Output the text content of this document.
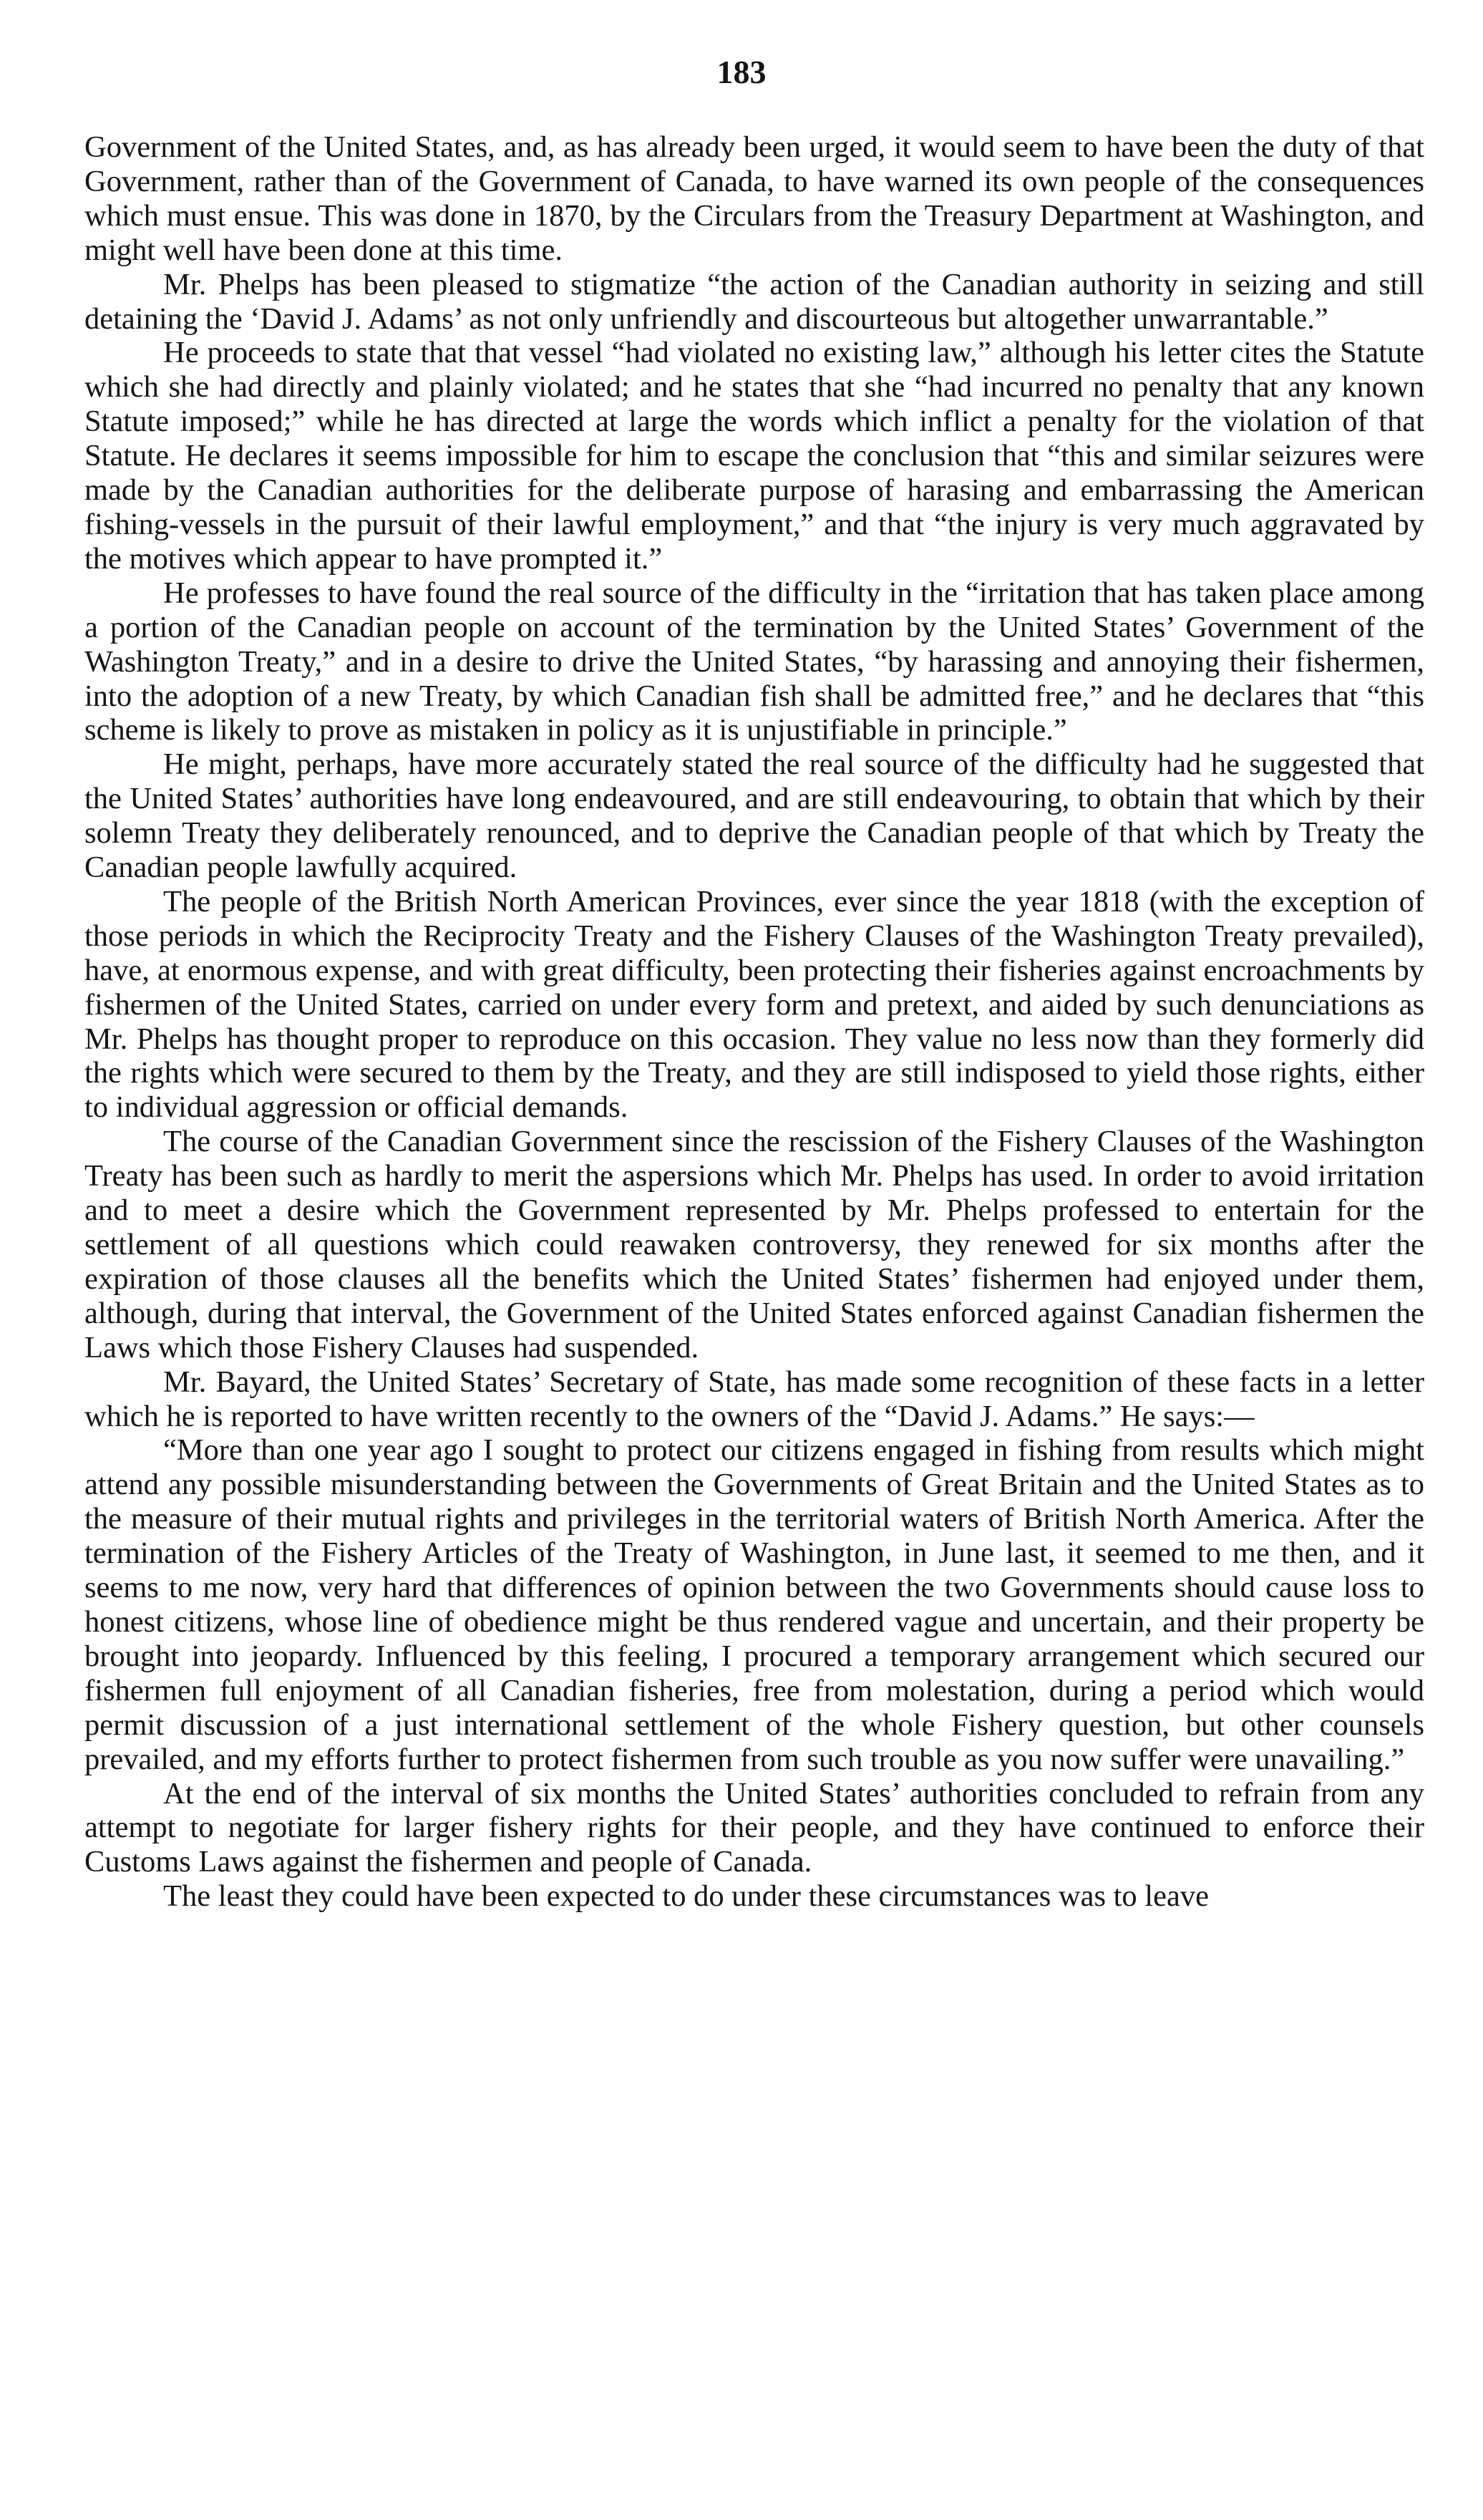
183

Government of the United States, and, as has already been urged, it would seem to have been the duty of that Government, rather than of the Government of Canada, to have warned its own people of the consequences which must ensue. This was done in 1870, by the Circulars from the Treasury Department at Washington, and might well have been done at this time.

Mr. Phelps has been pleased to stigmatize “the action of the Canadian authority in seizing and still detaining the ‘David J. Adams’ as not only unfriendly and discourteous but altogether unwarrantable.”

He proceeds to state that that vessel “had violated no existing law,” although his letter cites the Statute which she had directly and plainly violated; and he states that she “had incurred no penalty that any known Statute imposed;” while he has directed at large the words which inflict a penalty for the violation of that Statute. He declares it seems impossible for him to escape the conclusion that “this and similar seizures were made by the Canadian authorities for the deliberate purpose of harasing and embarrassing the American fishing-vessels in the pursuit of their lawful employment,” and that “the injury is very much aggravated by the motives which appear to have prompted it.”

He professes to have found the real source of the difficulty in the “irritation that has taken place among a portion of the Canadian people on account of the termination by the United States’ Government of the Washington Treaty,” and in a desire to drive the United States, “by harassing and annoying their fishermen, into the adoption of a new Treaty, by which Canadian fish shall be admitted free,” and he declares that “this scheme is likely to prove as mistaken in policy as it is unjustifiable in principle.”

He might, perhaps, have more accurately stated the real source of the difficulty had he suggested that the United States’ authorities have long endeavoured, and are still endeavouring, to obtain that which by their solemn Treaty they deliberately renounced, and to deprive the Canadian people of that which by Treaty the Canadian people lawfully acquired.

The people of the British North American Provinces, ever since the year 1818 (with the exception of those periods in which the Reciprocity Treaty and the Fishery Clauses of the Washington Treaty prevailed), have, at enormous expense, and with great difficulty, been protecting their fisheries against encroachments by fishermen of the United States, carried on under every form and pretext, and aided by such denunciations as Mr. Phelps has thought proper to reproduce on this occasion. They value no less now than they formerly did the rights which were secured to them by the Treaty, and they are still indisposed to yield those rights, either to individual aggression or official demands.

The course of the Canadian Government since the rescission of the Fishery Clauses of the Washington Treaty has been such as hardly to merit the aspersions which Mr. Phelps has used. In order to avoid irritation and to meet a desire which the Government represented by Mr. Phelps professed to entertain for the settlement of all questions which could reawaken controversy, they renewed for six months after the expiration of those clauses all the benefits which the United States’ fishermen had enjoyed under them, although, during that interval, the Government of the United States enforced against Canadian fishermen the Laws which those Fishery Clauses had suspended.

Mr. Bayard, the United States’ Secretary of State, has made some recognition of these facts in a letter which he is reported to have written recently to the owners of the “David J. Adams.” He says:—

“More than one year ago I sought to protect our citizens engaged in fishing from results which might attend any possible misunderstanding between the Governments of Great Britain and the United States as to the measure of their mutual rights and privileges in the territorial waters of British North America. After the termination of the Fishery Articles of the Treaty of Washington, in June last, it seemed to me then, and it seems to me now, very hard that differences of opinion between the two Governments should cause loss to honest citizens, whose line of obedience might be thus rendered vague and uncertain, and their property be brought into jeopardy. Influenced by this feeling, I procured a temporary arrangement which secured our fishermen full enjoyment of all Canadian fisheries, free from molestation, during a period which would permit discussion of a just international settlement of the whole Fishery question, but other counsels prevailed, and my efforts further to protect fishermen from such trouble as you now suffer were unavailing.”

At the end of the interval of six months the United States’ authorities concluded to refrain from any attempt to negotiate for larger fishery rights for their people, and they have continued to enforce their Customs Laws against the fishermen and people of Canada.

The least they could have been expected to do under these circumstances was to leave
